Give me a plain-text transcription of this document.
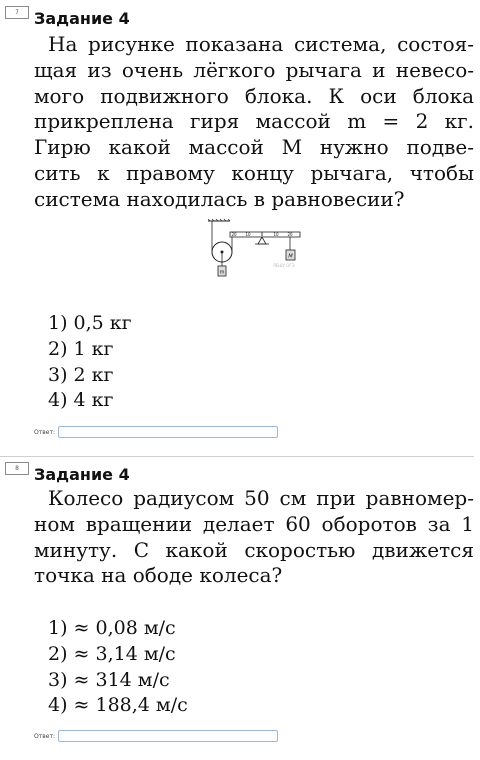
7 Задание 4
На рисунке показана система, состоя-
щая из очень лёгкого рычага и невесо-
мого подвижного блока. К оси блока
прикреплена гиря массой m = 2 кг.
Гирю какой массой M нужно подве-
сить к правому концу рычага, чтобы
система находилась в равновесии?
m
20 10	0	10 20
M
РЕШУ ОГЭ
1) 0,5 кг
2) 1 кг
3) 2 кг
4) 4 кг
Ответ:
8 Задание 4
Колесо радиусом 50 см при равномер-
ном вращении делает 60 оборотов за 1
минуту. С какой скоростью движется
точка на ободе колеса?
1) ≈ 0,08 м/с
2) ≈ 3,14 м/с
3) ≈ 314 м/с
4) ≈ 188,4 м/с
Ответ:
